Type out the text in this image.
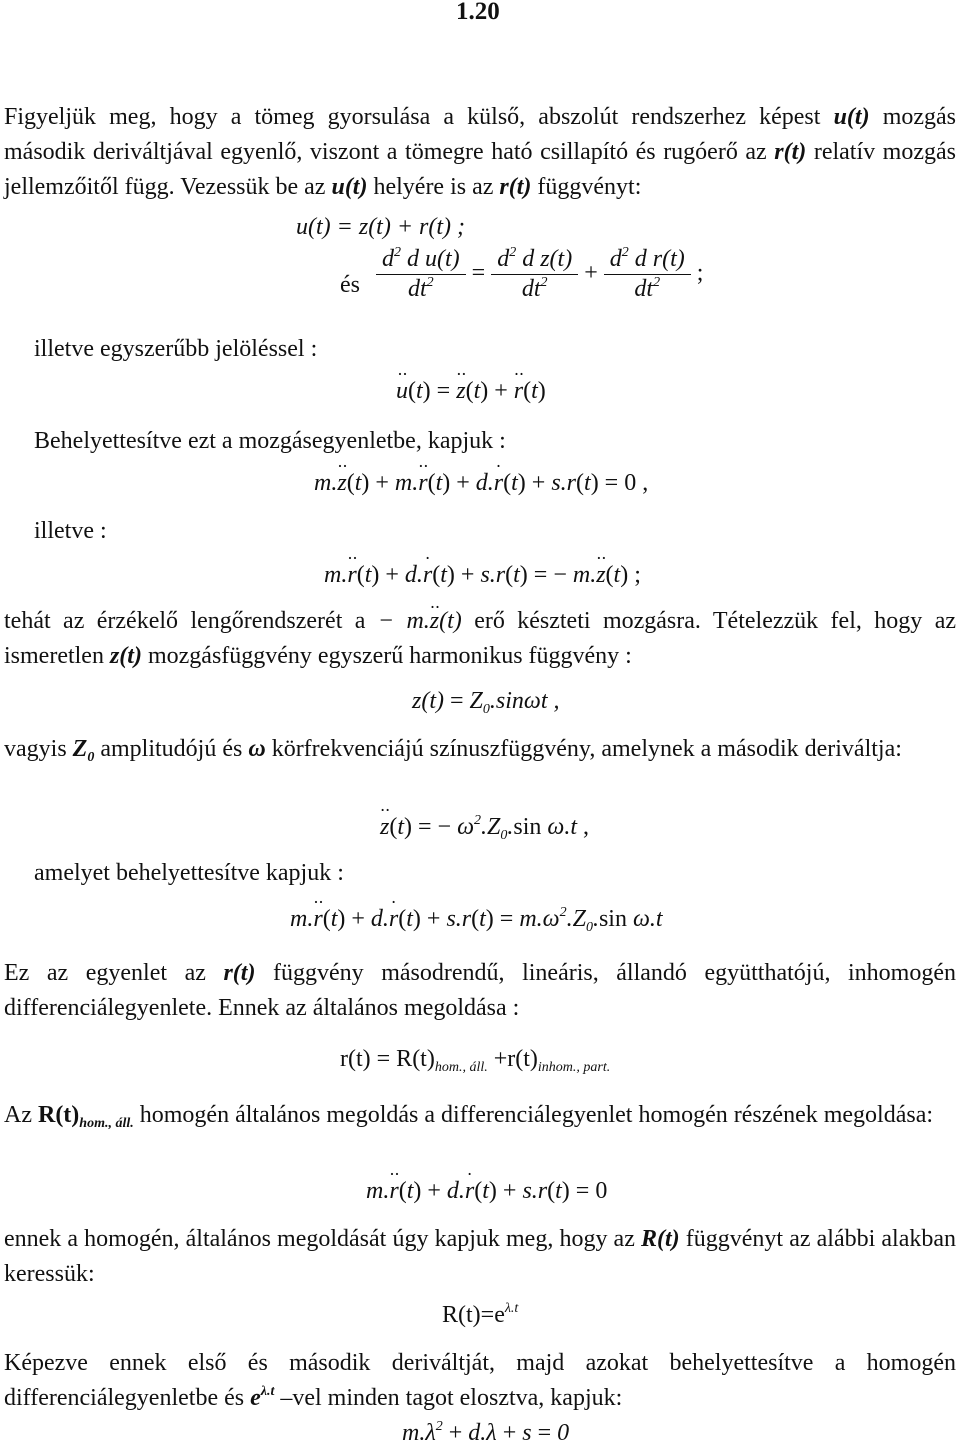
1.20
Figyeljük meg, hogy a tömeg gyorsulása a külső, abszolút rendszerhez képest u(t) mozgás második deriváltjával egyenlő, viszont a tömegre ható csillapító és rugóerő az r(t) relatív mozgás jellemzőitől függ. Vezessük be az u(t) helyére is az r(t) függvényt:
u(t) = z(t) + r(t) ;
és $\frac{d^2 d u(t)}{dt^2} = \frac{d^2 d z(t)}{dt^2} + \frac{d^2 d r(t)}{dt^2}$ ;
illetve egyszerűbb jelöléssel :
u ··(t) = z ··(t) + r ··(t)
Behelyettesítve ezt a mozgásegyenletbe, kapjuk :
m.z ··(t) + m.r ··(t) + d.r ·(t) + s.r(t) = 0 ,
illetve :
m.r ··(t) + d.r ·(t) + s.r(t) = − m.z ··(t) ;
tehát az érzékelő lengőrendszerét a − m.z ··(t) erő készteti mozgásra. Tételezzük fel, hogy az ismeretlen z(t) mozgásfüggvény egyszerű harmonikus függvény :
$z(t) = Z_0.\sin\omega t$ ,
vagyis $Z_0$ amplitudójú és ω körfrekvenciájú színuszfüggvény, amelynek a második deriváltja:
z ··(t) = − $\omega^2.Z_0.\sin$ ω.t ,
amelyet behelyettesítve kapjuk :
$m.r \cdot\cdot(t) + d.r \cdot(t) + s.r(t) = m.\omega^2.Z_0.\sin$ ω.t
Ez az egyenlet az r(t) függvény másodrendű, lineáris, állandó együtthatójú, inhomogén differenciálegyenlete. Ennek az általános megoldása :
$r(t) = R(t)_{hom., áll.} +r(t)_{inhom., part.}$
Az $R(t)_{hom., áll.}$ homogén általános megoldás a differenciálegyenlet homogén részének megoldása:
m.r ··(t) + d.r ·(t) + s.r(t) = 0
ennek a homogén, általános megoldását úgy kapjuk meg, hogy az R(t) függvényt az alábbi alakban keressük:
$R(t)=e^{\lambda.t}$
Képezve ennek első és második deriváltját, majd azokat behelyettesítve a homogén differenciálegyenletbe és $e^{\lambda.t}$ –vel minden tagot elosztva, kapjuk:
$m.\lambda^2 + d.\lambda + s = 0$
